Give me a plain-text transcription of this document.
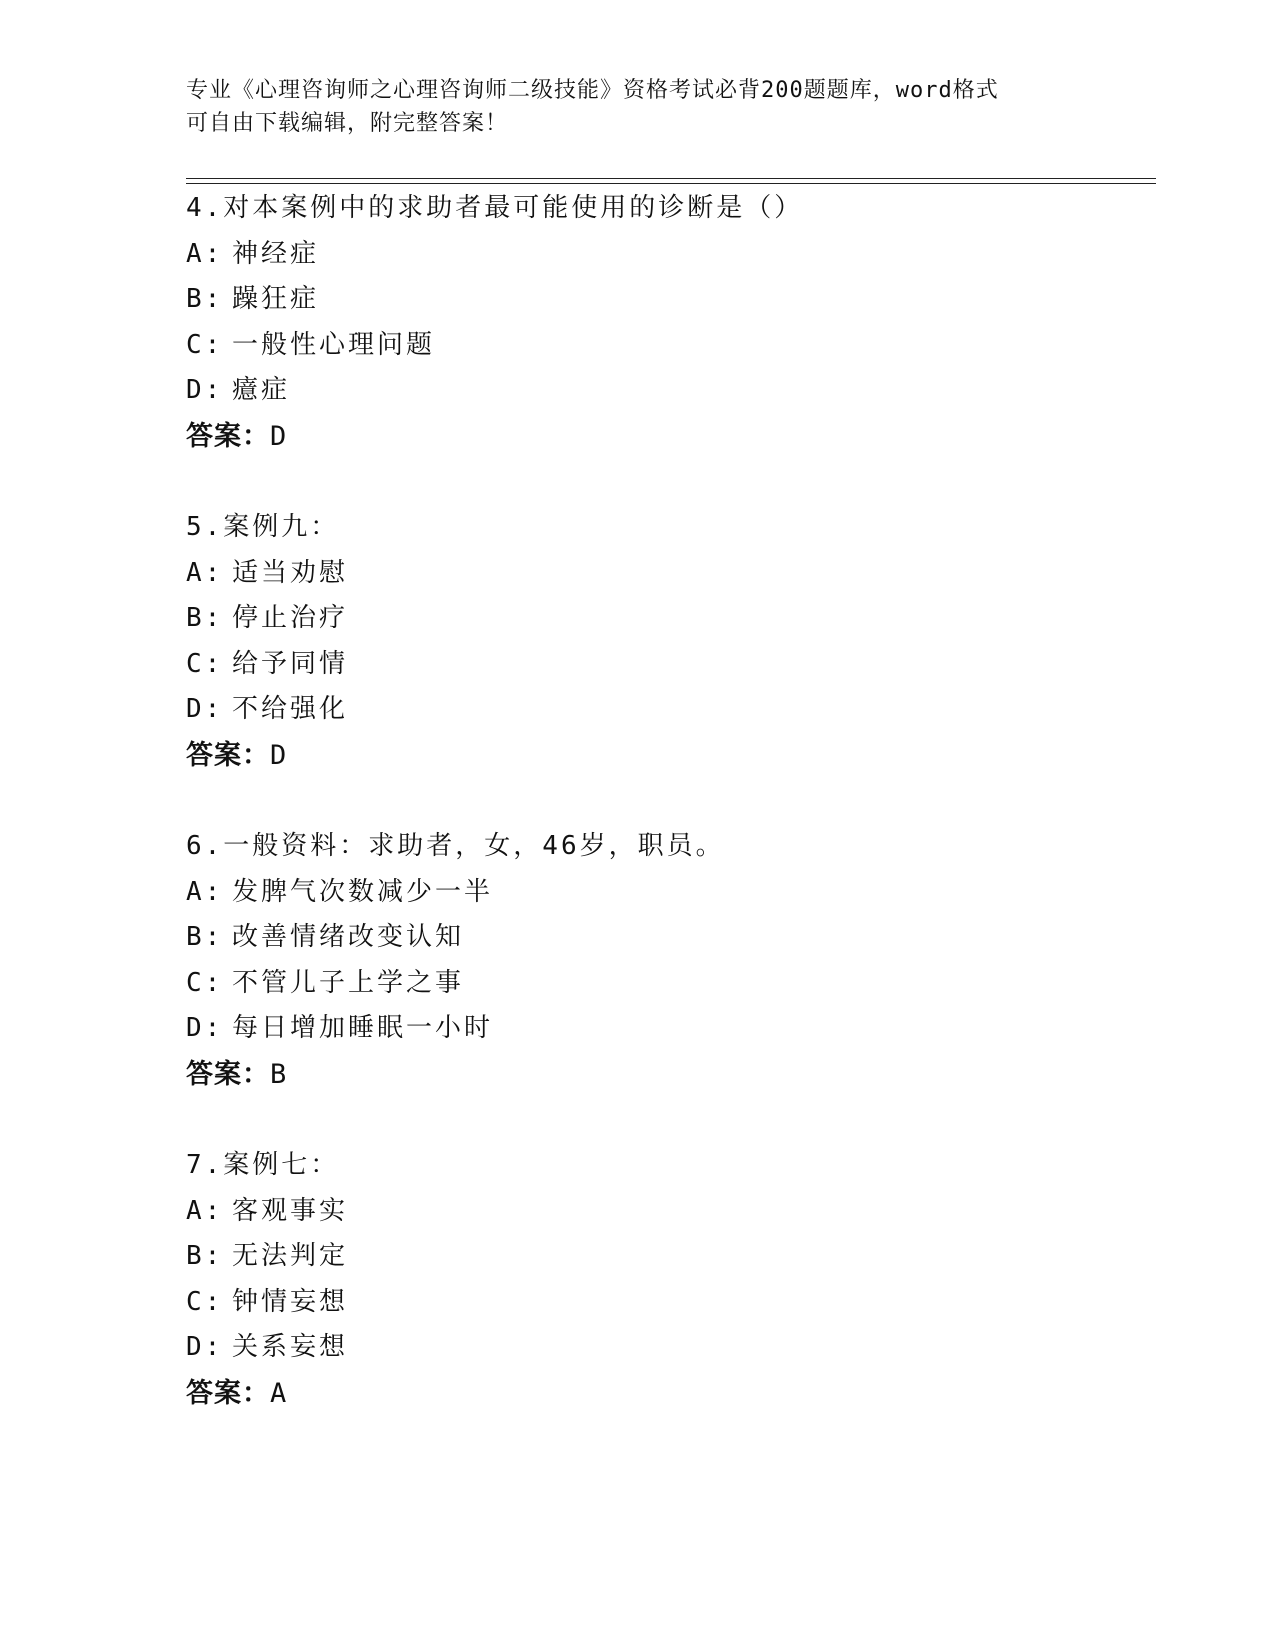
专业《心理咨询师之心理咨询师二级技能》资格考试必背200题题库，word格式
可自由下载编辑，附完整答案！
4.对本案例中的求助者最可能使用的诊断是（）
A: 神经症
B: 躁狂症
C: 一般性心理问题
D: 癔症
答案：D
5.案例九：
A: 适当劝慰
B: 停止治疗
C: 给予同情
D: 不给强化
答案：D
6.一般资料：求助者，女，46岁，职员。
A: 发脾气次数减少一半
B: 改善情绪改变认知
C: 不管儿子上学之事
D: 每日增加睡眠一小时
答案：B
7.案例七：
A: 客观事实
B: 无法判定
C: 钟情妄想
D: 关系妄想
答案：A
